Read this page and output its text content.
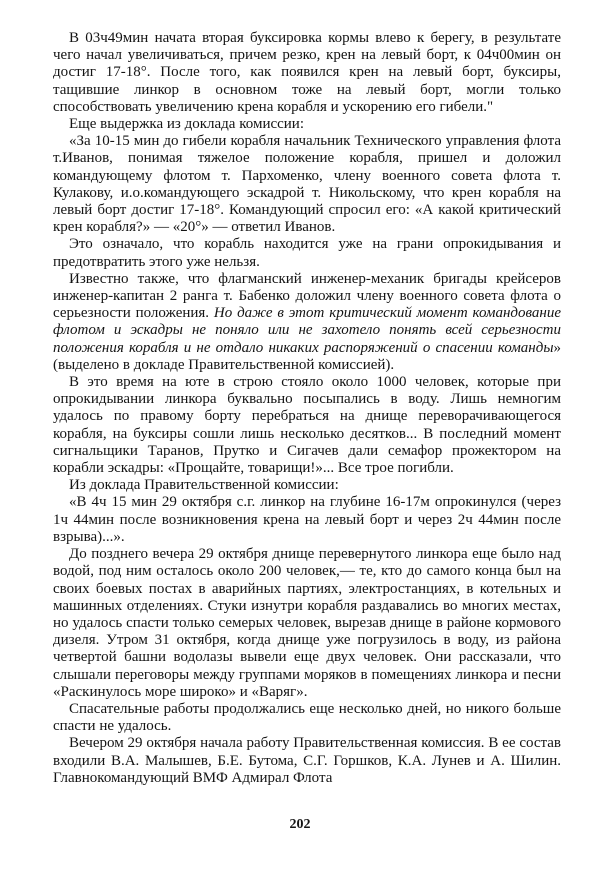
В 03ч49мин начата вторая буксировка кормы влево к берегу, в результате чего начал увеличиваться, причем резко, крен на левый борт, к 04ч00мин он достиг 17-18°. После того, как появился крен на левый борт, буксиры, тащившие линкор в основном тоже на левый борт, могли только способствовать увеличению крена корабля и ускорению его гибели."

Еще выдержка из доклада комиссии:

«За 10-15 мин до гибели корабля начальник Технического управления флота т.Иванов, понимая тяжелое положение корабля, пришел и доложил командующему флотом т. Пархоменко, члену военного совета флота т. Кулакову, и.о.командующего эскадрой т. Никольскому, что крен корабля на левый борт достиг 17-18°. Командующий спросил его: «А какой критический крен корабля?» — «20°» — ответил Иванов.

Это означало, что корабль находится уже на грани опрокидывания и предотвратить этого уже нельзя.

Известно также, что флагманский инженер-механик бригады крейсеров инженер-капитан 2 ранга т. Бабенко доложил члену военного совета флота о серьезности положения. Но даже в этот критический момент командование флотом и эскадры не поняло или не захотело понять всей серьезности положения корабля и не отдало никаких распоряжений о спасении команды» (выделено в докладе Правительственной комиссией).

В это время на юте в строю стояло около 1000 человек, которые при опрокидывании линкора буквально посыпались в воду. Лишь немногим удалось по правому борту перебраться на днище переворачивающегося корабля, на буксиры сошли лишь несколько десятков... В последний момент сигнальщики Таранов, Прутко и Сигачев дали семафор прожектором на корабли эскадры: «Прощайте, товарищи!»... Все трое погибли.

Из доклада Правительственной комиссии:

«В 4ч 15 мин 29 октября с.г. линкор на глубине 16-17м опрокинулся (через 1ч 44мин после возникновения крена на левый борт и через 2ч 44мин после взрыва)...».

До позднего вечера 29 октября днище перевернутого линкора еще было над водой, под ним осталось около 200 человек,— те, кто до самого конца был на своих боевых постах в аварийных партиях, электростанциях, в котельных и машинных отделениях. Стуки изнутри корабля раздавались во многих местах, но удалось спасти только семерых человек, вырезав днище в районе кормового дизеля. Утром 31 октября, когда днище уже погрузилось в воду, из района четвертой башни водолазы вывели еще двух человек. Они рассказали, что слышали переговоры между группами моряков в помещениях линкора и песни «Раскинулось море широко» и «Варяг».

Спасательные работы продолжались еще несколько дней, но никого больше спасти не удалось.

Вечером 29 октября начала работу Правительственная комиссия. В ее состав входили В.А. Малышев, Б.Е. Бутома, С.Г. Горшков, К.А. Лунев и А. Шилин. Главнокомандующий ВМФ Адмирал Флота

202
